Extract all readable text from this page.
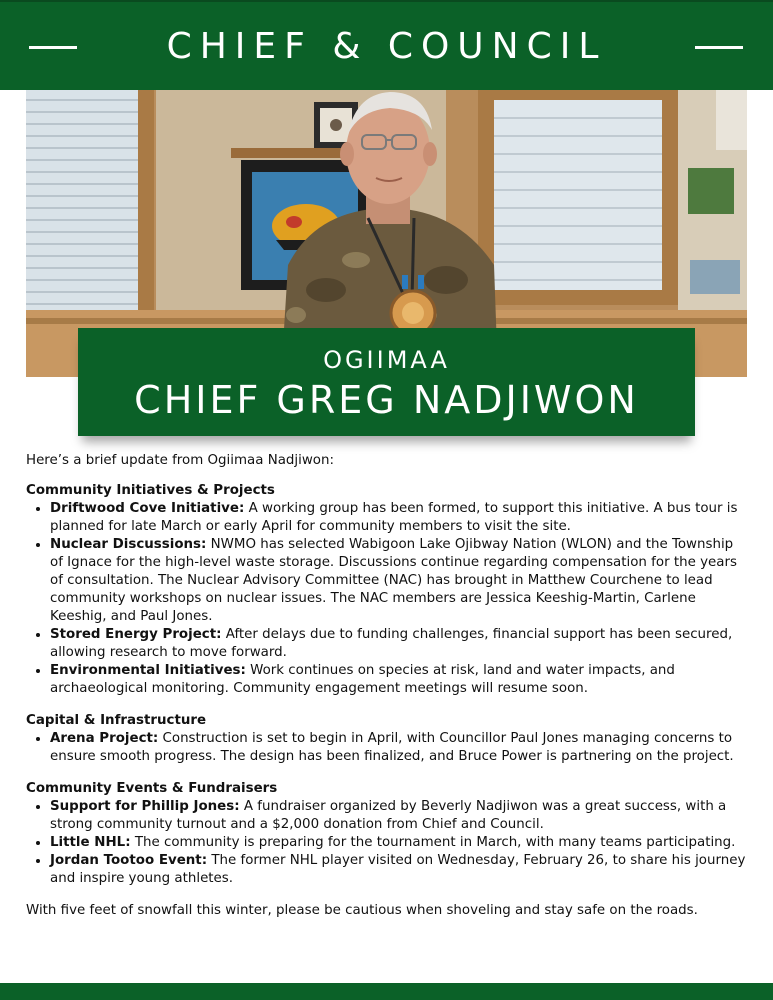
CHIEF & COUNCIL
OGIIMAA
CHIEF GREG NADJIWON

Here’s a brief update from Ogiimaa Nadjiwon:

Community Initiatives & Projects

• Driftwood Cove Initiative: A working group has been formed, to support this initiative. A bus tour is planned for late March or early April for community members to visit the site.
• Nuclear Discussions: NWMO has selected Wabigoon Lake Ojibway Nation (WLON) and the Township of Ignace for the high-level waste storage. Discussions continue regarding compensation for the years of consultation. The Nuclear Advisory Committee (NAC) has brought in Matthew Courchene to lead community workshops on nuclear issues. The NAC members are Jessica Keeshig-Martin, Carlene Keeshig, and Paul Jones.
• Stored Energy Project: After delays due to funding challenges, financial support has been secured, allowing research to move forward.
• Environmental Initiatives: Work continues on species at risk, land and water impacts, and archaeological monitoring. Community engagement meetings will resume soon.

Capital & Infrastructure

• Arena Project: Construction is set to begin in April, with Councillor Paul Jones managing concerns to ensure smooth progress. The design has been finalized, and Bruce Power is partnering on the project.

Community Events & Fundraisers

• Support for Phillip Jones: A fundraiser organized by Beverly Nadjiwon was a great success, with a strong community turnout and a $2,000 donation from Chief and Council.
• Little NHL: The community is preparing for the tournament in March, with many teams participating.
• Jordan Tootoo Event: The former NHL player visited on Wednesday, February 26, to share his journey and inspire young athletes.

With five feet of snowfall this winter, please be cautious when shoveling and stay safe on the roads.
